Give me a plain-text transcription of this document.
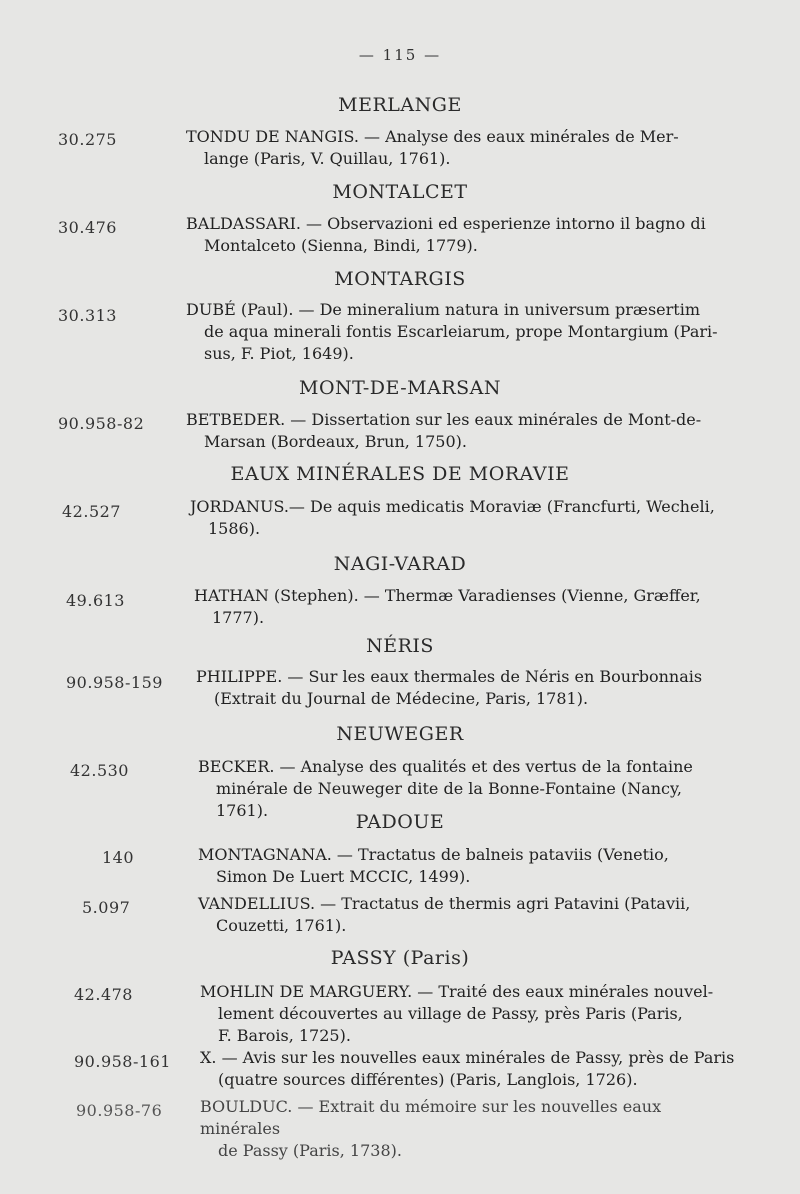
— 115 —
MERLANGE
30.275	TONDU DE NANGIS. — Analyse des eaux minérales de Mer-
lange (Paris, V. Quillau, 1761).
MONTALCET
30.476	BALDASSARI. — Observazioni ed esperienze intorno il bagno di
Montalceto (Sienna, Bindi, 1779).
MONTARGIS
30.313	DUBÉ (Paul). — De mineralium natura in universum præsertim
de aqua minerali fontis Escarleiarum, prope Montargium (Pari-
sus, F. Piot, 1649).
MONT-DE-MARSAN
90.958-82	BETBEDER. — Dissertation sur les eaux minérales de Mont-de-
Marsan (Bordeaux, Brun, 1750).
EAUX MINÉRALES DE MORAVIE
42.527	JORDANUS.— De aquis medicatis Moraviæ (Francfurti, Wecheli,
1586).
NAGI-VARAD
49.613	HATHAN (Stephen). — Thermæ Varadienses (Vienne, Græffer,
1777).
NÉRIS
90.958-159 PHILIPPE. — Sur les eaux thermales de Néris en Bourbonnais
(Extrait du Journal de Médecine, Paris, 1781).
NEUWEGER
42.530	BECKER. — Analyse des qualités et des vertus de la fontaine
minérale de Neuweger dite de la Bonne-Fontaine (Nancy, 1761).
PADOUE
140	MONTAGNANA. — Tractatus de balneis pataviis (Venetio,
Simon De Luert MCCIC, 1499).
5.097	VANDELLIUS. — Tractatus de thermis agri Patavini (Patavii,
Couzetti, 1761).
PASSY (Paris)
42.478	MOHLIN DE MARGUERY. — Traité des eaux minérales nouvel-
lement découvertes au village de Passy, près Paris (Paris,
F. Barois, 1725).
90.958-161 X. — Avis sur les nouvelles eaux minérales de Passy, près de Paris
(quatre sources différentes) (Paris, Langlois, 1726).
90.958-76 BOULDUC. — Extrait du mémoire sur les nouvelles eaux minérales
de Passy (Paris, 1738).
